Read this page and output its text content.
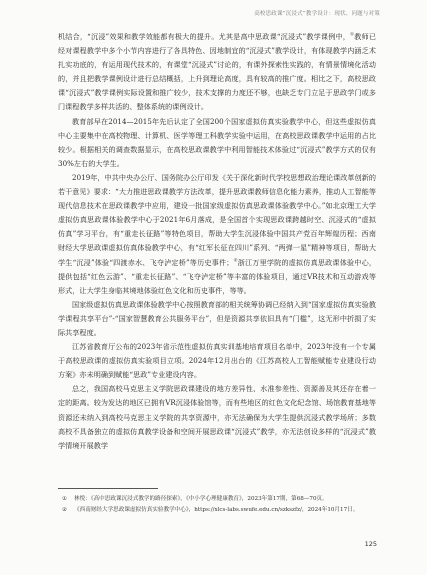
高校思政课“沉浸式”教学设计：现状、问题与对策

机结合，“沉浸”效果和教学效能都有极大的提升。尤其是高中思政课“沉浸式”教学课例中，①教师已经对课程教学中多个小节内容进行了各具特色、因地制宜的“沉浸式”教学设计，有体现教学内涵乏术扎实功底的，有运用现代技术的，有课堂“沉浸式”讨论的，有课外探索性实践的，有情景情境化活动的，并且把教学课例设计进行总结概括，上升到理论高度，具有较高的推广度。相比之下，高校思政课“沉浸式”教学课例实际设置和推广较少，技术支撑的力度还不够，也缺乏专门立足于思政学门或多门课程教学多样共活的、整体系统的课例设计。

教育部早在2014—2015年先后认定了全国200个国家虚拟仿真实验教学中心，但这些虚拟仿真中心主要集中在高校物理、计算机、医学等理工科教学实验中运用，在高校思政课教学中运用的占比较少。根据相关的调查数据显示，在高校思政课教学中利用智能技术体验过“沉浸式”教学方式的仅有30%左右的大学生。

2019年，中共中央办公厅、国务院办公厅印发《关于深化新时代学校思想政治理论课改革创新的若干意见》要求：“大力推进思政课教学方法改革，提升思政课教师信息化能力素养，推动人工智能等现代信息技术在思政课教学中应用，建设一批国家级虚拟仿真思政课体验教学中心。”如北京理工大学虚拟仿真思政课体验教学中心于2021年6月落成，是全国首个实现思政课跨越时空、沉浸式的“虚拟仿真”学习平台，有“重走长征路”等特色项目，帮助大学生沉浸体验中国共产党百年辉煌历程；西南财经大学思政课虚拟仿真体验教学中心，有“红军长征在四川”系列、“两弹一星”精神等项目，帮助大学生“沉浸”体验“四渡赤水、飞夺泸定桥”等历史事件；②浙江万里学院的虚拟仿真思政课体验中心，提供包括“红色云游”、“重走长征路”、“飞夺泸定桥”等丰富的体验项目，通过VR技术和互动游戏等形式，让大学生身临其境地体验红色文化和历史事件，等等。

国家级虚拟仿真思政课体验教学中心按照教育部的相关统筹协调已经纳入到“国家虚拟仿真实验教学课程共享平台”-“国家智慧教育公共服务平台”，但是资源共享依旧具有“门槛”，这无形中折损了实际共享程度。

江苏省教育厅公布的2023年省示范性虚拟仿真实训基地培育项目名单中，2023年没有一个专属于高校思政课的虚拟仿真实验项目立项。2024年12月出台的《江苏高校人工智能赋能专业建设行动方案》亦未明确到赋能“思政”专业建设内容。

总之，我国高校马克思主义学院思政课建设的地方差异性、水准参差性、资源善及其还存在着一定的距离。较为发达的地区已拥有VR沉浸体验馆等，而有些地区的红色文化纪念馆、场馆教育基地等资源还未纳入到高校马克思主义学院的共享资源中，亦无法确保为大学生提供沉浸式教学场所；多数高校不具备独立的虚拟仿真教学设备和空间开展思政课“沉浸式”教学，亦无法创设多样的“沉浸式”教学情境开展教学

① 林悦：《高中思政课沉浸式教学的路径探索》，《中小学心理健康教育》，2023年第17期，第68—70页。
② 《西南财经大学思政课虚拟仿真实验教学中心》，https://xlcs-labs.swufe.edu.cn/szkszfz/，2024年10月17日。
125
